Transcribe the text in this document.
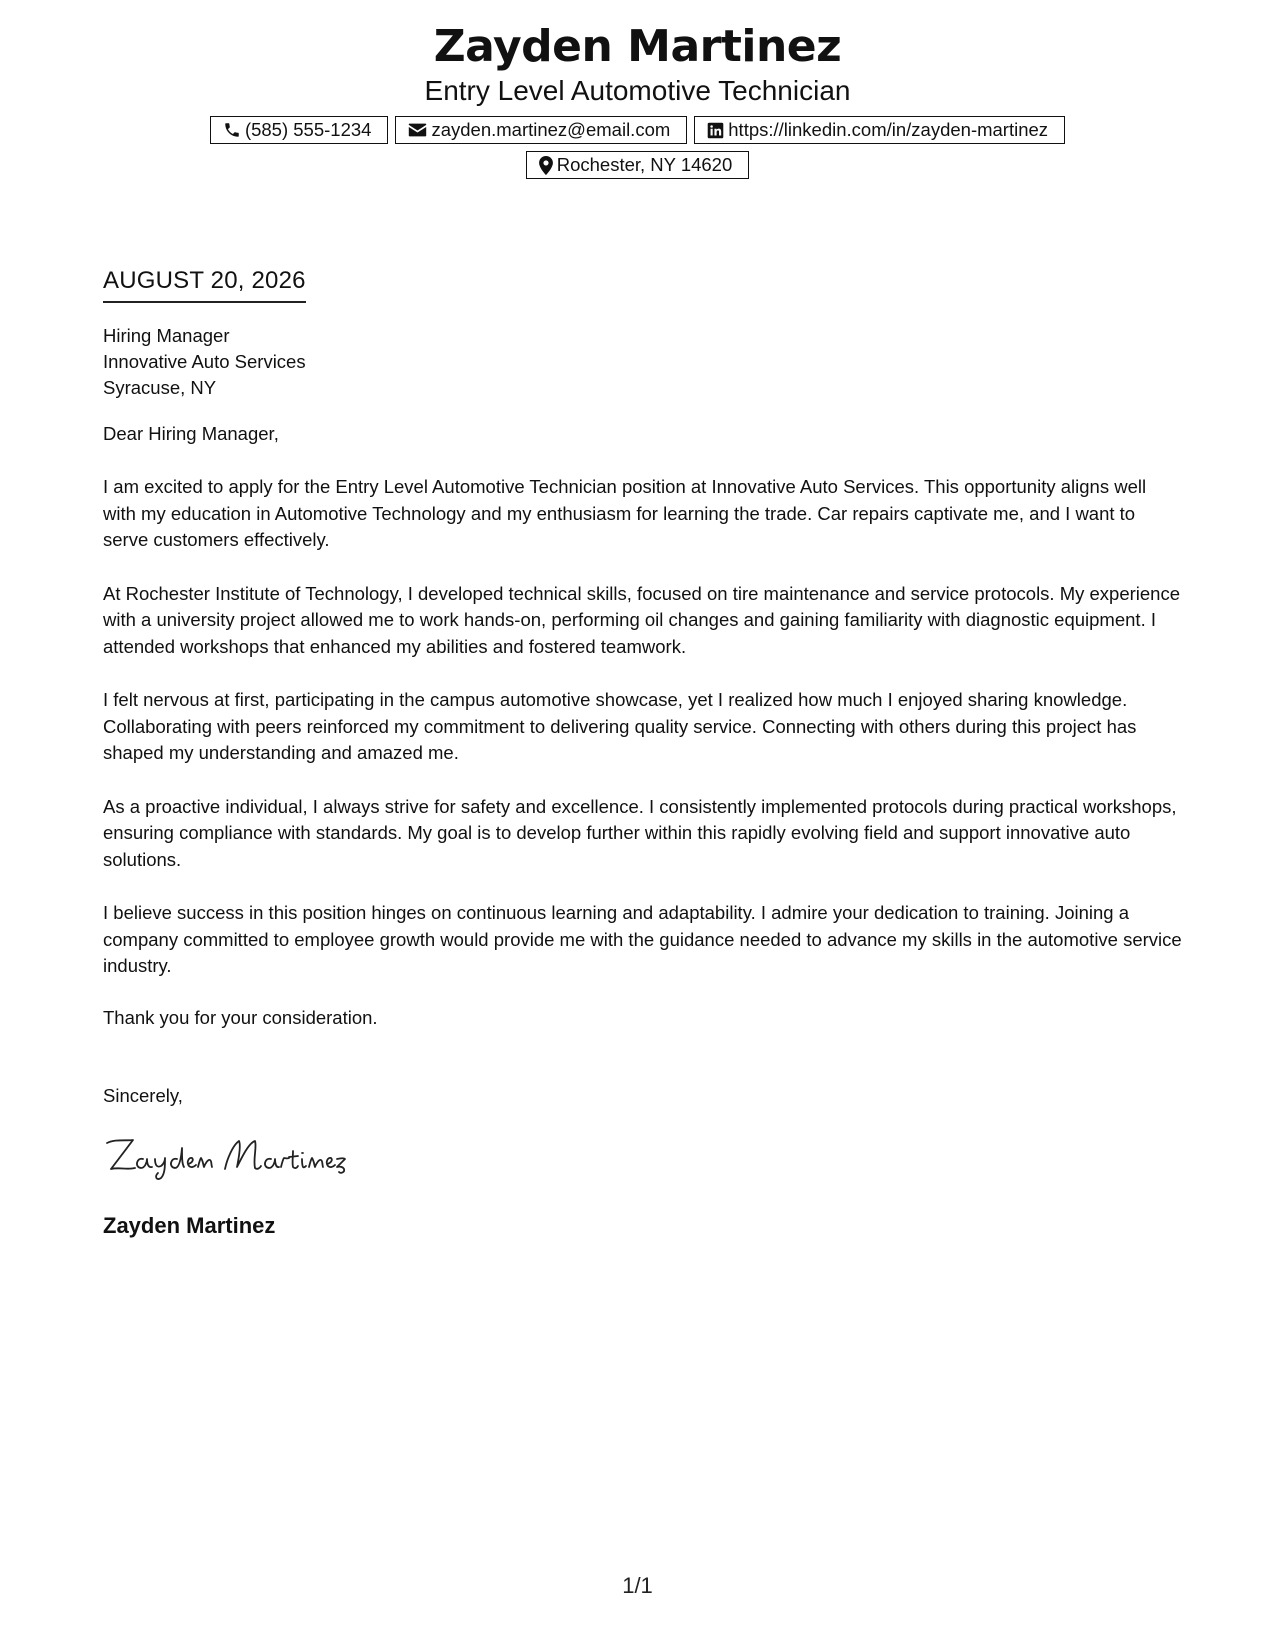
Zayden Martinez
Entry Level Automotive Technician
(585) 555-1234	zayden.martinez@email.com	https://linkedin.com/in/zayden-martinez
Rochester, NY 14620
AUGUST 20, 2026
Hiring Manager
Innovative Auto Services
Syracuse, NY
Dear Hiring Manager,
I am excited to apply for the Entry Level Automotive Technician position at Innovative Auto Services. This opportunity aligns well with my education in Automotive Technology and my enthusiasm for learning the trade. Car repairs captivate me, and I want to serve customers effectively.
At Rochester Institute of Technology, I developed technical skills, focused on tire maintenance and service protocols. My experience with a university project allowed me to work hands-on, performing oil changes and gaining familiarity with diagnostic equipment. I attended workshops that enhanced my abilities and fostered teamwork.
I felt nervous at first, participating in the campus automotive showcase, yet I realized how much I enjoyed sharing knowledge. Collaborating with peers reinforced my commitment to delivering quality service. Connecting with others during this project has shaped my understanding and amazed me.
As a proactive individual, I always strive for safety and excellence. I consistently implemented protocols during practical workshops, ensuring compliance with standards. My goal is to develop further within this rapidly evolving field and support innovative auto solutions.
I believe success in this position hinges on continuous learning and adaptability. I admire your dedication to training. Joining a company committed to employee growth would provide me with the guidance needed to advance my skills in the automotive service industry.
Thank you for your consideration.
Sincerely,
Zayden Martinez
1/1
